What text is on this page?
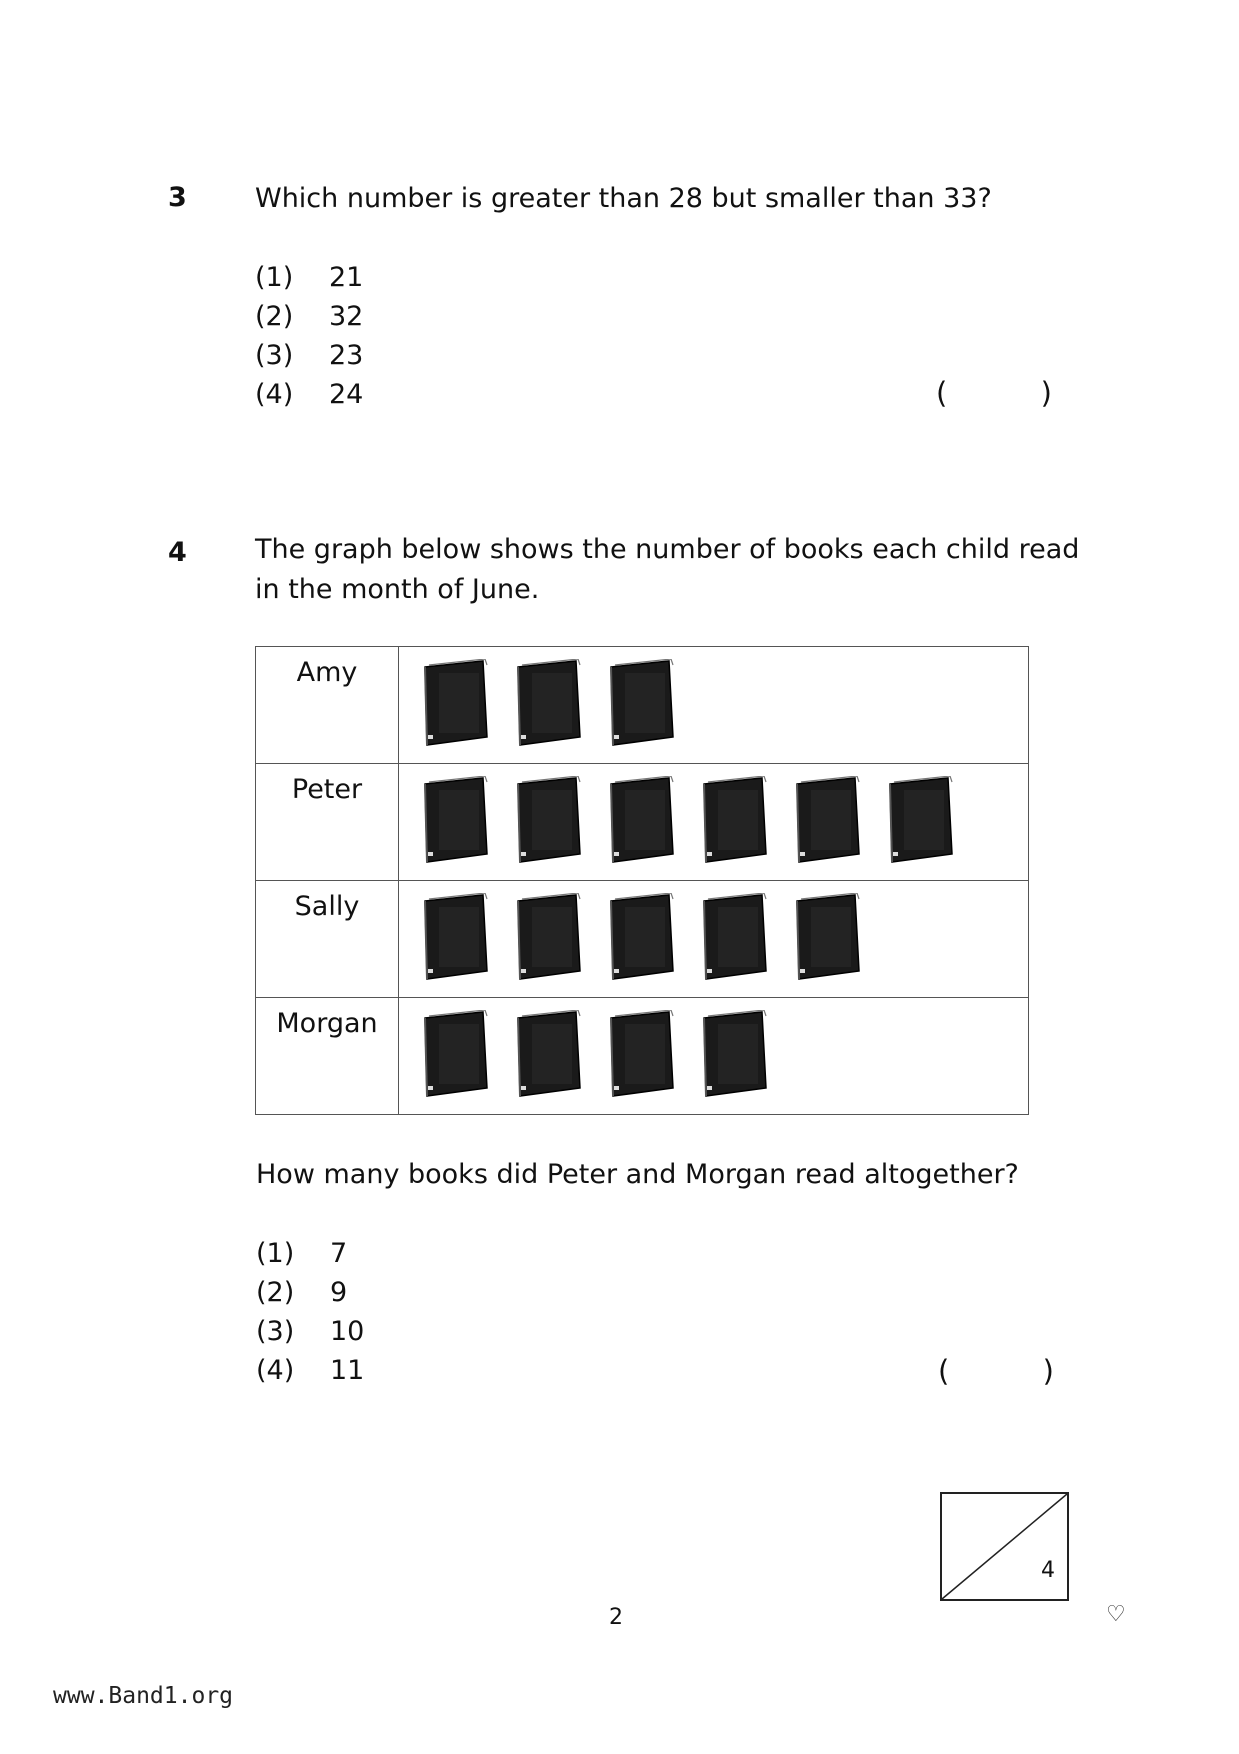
3	Which number is greater than 28 but smaller than 33?
(1)	21
(2)	32
(3)	23
(4)	24	(	)
4	The graph below shows the number of books each child read
in the month of June.
Amy	

Peter	

Sally	

Morgan	
How many books did Peter and Morgan read altogether?
(1)	7
(2)	9
(3)	10
(4)	11	(	)
4
2	♡
www.Band1.org
